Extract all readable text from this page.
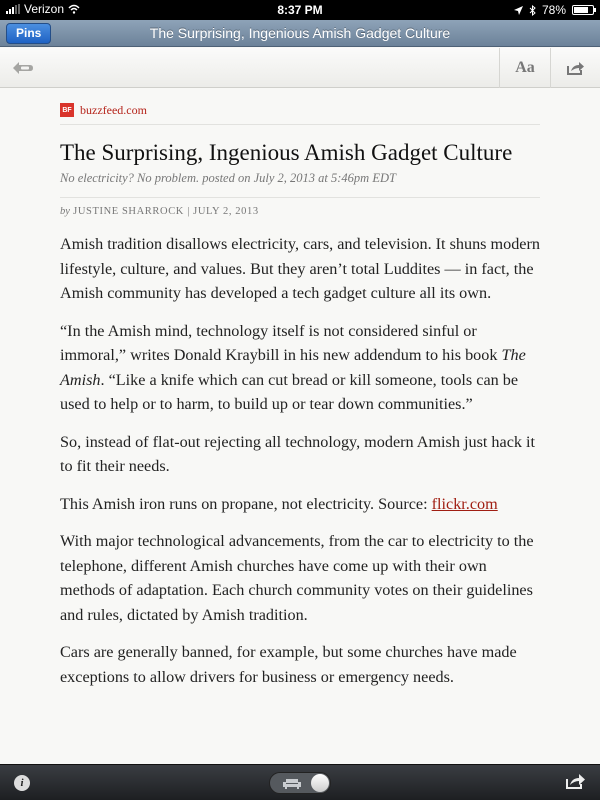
Verizon	8:37 PM	78%
Pins	The Surprising, Ingenious Amish Gadget Culture
Aa
BF buzzfeed.com
The Surprising, Ingenious Amish Gadget Culture
No electricity? No problem. posted on July 2, 2013 at 5:46pm EDT
by JUSTINE SHARROCK | JULY 2, 2013

Amish tradition disallows electricity, cars, and television. It shuns modern lifestyle, culture, and values. But they aren’t total Luddites — in fact, the Amish community has developed a tech gadget culture all its own.

“In the Amish mind, technology itself is not considered sinful or immoral,” writes Donald Kraybill in his new addendum to his book The Amish. “Like a knife which can cut bread or kill someone, tools can be used to help or to harm, to build up or tear down communities.”

So, instead of flat-out rejecting all technology, modern Amish just hack it to fit their needs.

This Amish iron runs on propane, not electricity. Source: flickr.com

With major technological advancements, from the car to electricity to the telephone, different Amish churches have come up with their own methods of adaptation. Each church community votes on their guidelines and rules, dictated by Amish tradition.

Cars are generally banned, for example, but some churches have made exceptions to allow drivers for business or emergency needs.

i
